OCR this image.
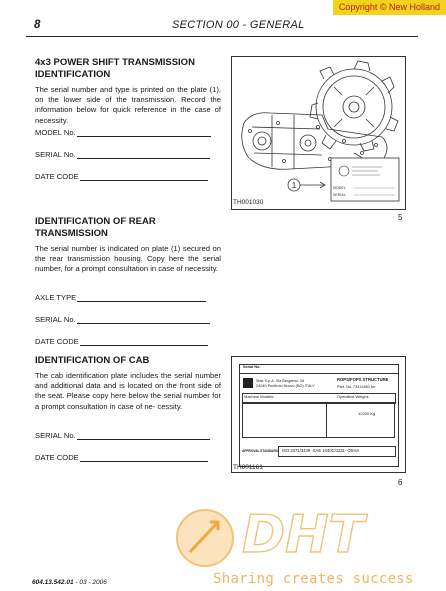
Copyright © New Holland
8	SECTION 00 - GENERAL
4x3 POWER SHIFT TRANSMISSION IDENTIFICATION
The serial number and type is printed on the plate (1), on the lower side of the transmission. Record the information below for quick reference in the case of necessity.
MODEL No.
SERIAL No.
DATE CODE
IDENTIFICATION OF REAR TRANSMISSION
The serial number is indicated on plate (1) secured on the rear transmission housing. Copy here the serial number, for a prompt consultation in case of necessity.
AXLE TYPE
SERIAL No.
DATE CODE
IDENTIFICATION OF CAB
The cab identification plate includes the serial number and additional data and is located on the front side of the seat. Please copy here below the serial number for a prompt consultation in case of ne- cessity.
SERIAL No.
DATE CODE
MODEL
SERIAL
1
TH001030
5
Serial No.
Sias S.p.A. Via Bergamo, 18
24040 Pontirolo Nuovo (BG) ITALY
ROPS/FOPS STRUCTURE
Part. No. 73414961 for
Machine Models:	Operative Weight:
12200 Kg
APPROVAL STANDARD ISO 3471/3449 -SAE 1040C/J231- OSHA
TH001161
6
DHT
Sharing creates success
604.13.542.01 - 03 - 2006
